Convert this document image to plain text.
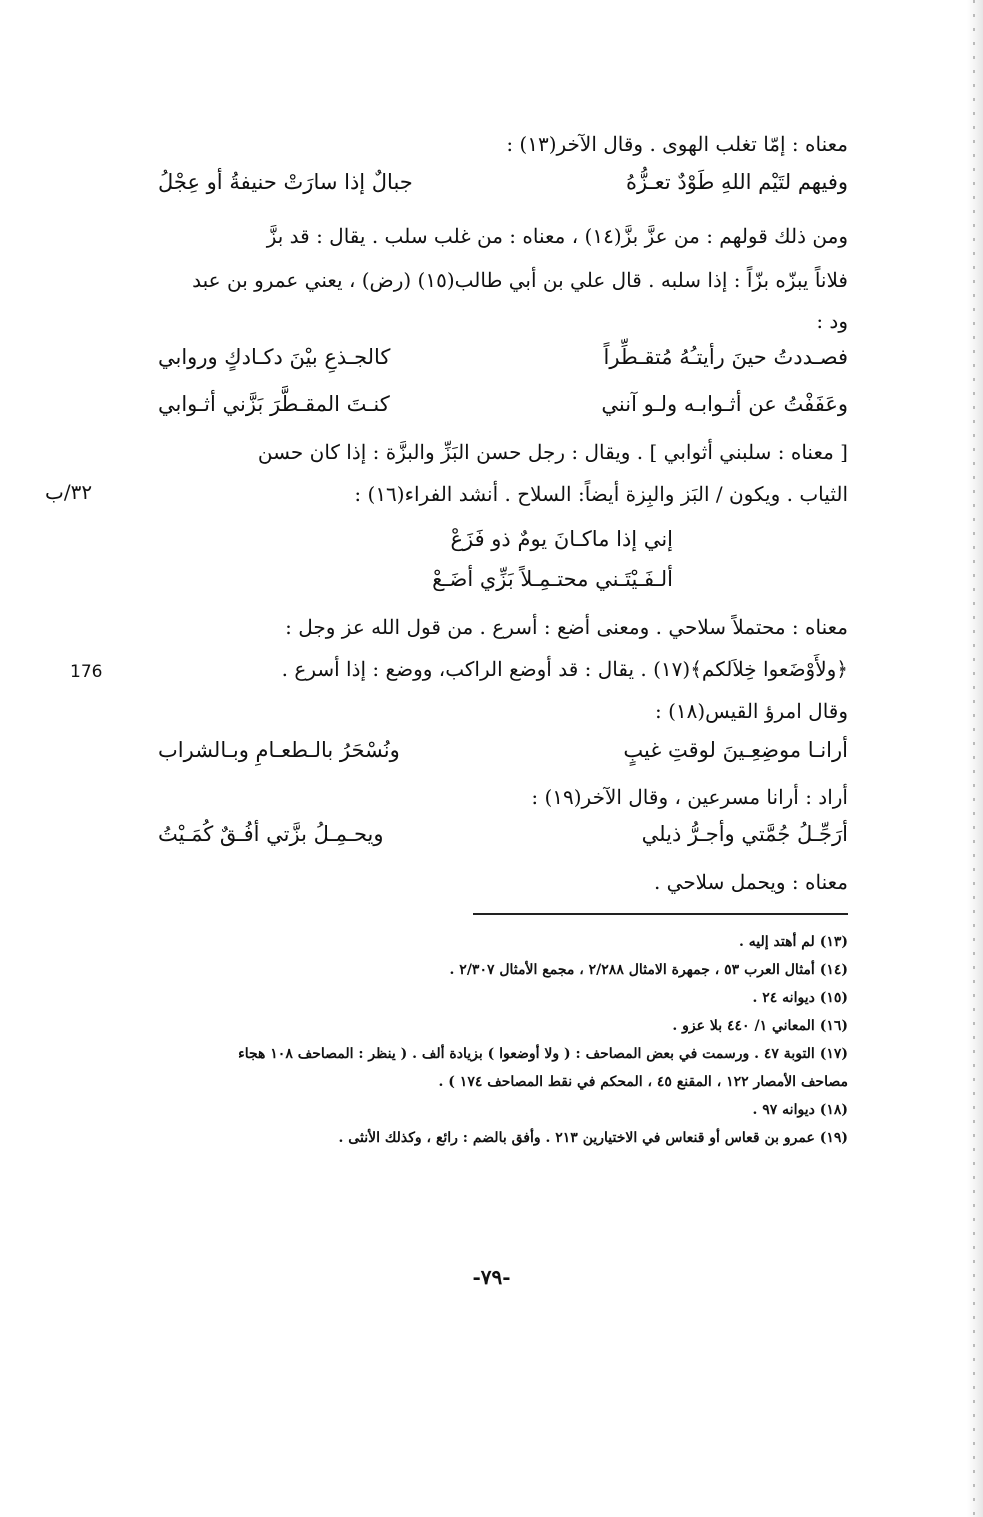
معناه : إمّا تغلب الهوى . وقال الآخر(١٣) :
وفيهم لتَيْم اللهِ طَوْدٌ تعـزُّهُ
جبالٌ إذا سارَتْ حنيفةُ أو عِجْلُ
ومن ذلك قولهم : من عزَّ بزَّ(١٤) ، معناه : من غلب سلب . يقال : قد بزَّ
فلاناً يبزّه بزّاً : إذا سلبه . قال علي بن أبي طالب(١٥) (رض) ، يعني عمرو بن عبد
ود :
فصـددتُ حينَ رأيتـُهُ مُتقـطِّراً
كالجـذعِ بيْنَ دكـادكٍ وروابي
وعَفَفْتُ عن أثـوابـه ولـو آنني
كنـتَ المقـطَّرَ بَزَّني أثـوابي
[ معناه : سلبني أثوابي ] . ويقال : رجل حسن البَزِّ والبزَّة : إذا كان حسن
الثياب . ويكون / البَز والبِزة أيضاً: السلاح . أنشد الفراء(١٦) :
٣٢/ب
إني إذا ماكـانَ يومٌ ذو فَزَعْ
ألـفَـيْتَـني محتـمِـلاً بَزِّي أضَـعْ
معناه : محتملاً سلاحي . ومعنى أضع : أسرع . من قول الله عز وجل :
﴿ولأَوْضَعوا خِلاَلكم﴾(١٧) . يقال : قد أوضع الراكب، ووضع : إذا أسرع .
176
وقال امرؤ القيس(١٨) :
أرانـا موضِعِـينَ لوقتِ غيبٍ
ونُسْحَرُ بالـطعـامِ وبـالشراب
أراد : أرانا مسرعين ، وقال الآخر(١٩) :
أرَجِّـلُ جُمَّتي وأجـرُّ ذيلي
ويحـمِـلُ بزَّتي أفُـقٌ كُمَـيْتُ
معناه : ويحمل سلاحي .
(١٣) لم أهتد إليه .
(١٤) أمثال العرب ٥٣ ، جمهرة الامثال ٢/٢٨٨ ، مجمع الأمثال ٢/٣٠٧ .
(١٥) ديوانه ٢٤ .
(١٦) المعاني ١/ ٤٤٠ بلا عزو .
(١٧) التوبة ٤٧ . ورسمت في بعض المصاحف : ( ولا أوضعوا ) بزيادة ألف . ( ينظر : المصاحف ١٠٨ هجاء
مصاحف الأمصار ١٢٢ ، المقنع ٤٥ ، المحكم في نقط المصاحف ١٧٤ ) .
(١٨) ديوانه ٩٧ .
(١٩) عمرو بن قعاس أو قنعاس في الاختيارين ٢١٣ . وأفق بالضم : رائع ، وكذلك الأنثى .
-٧٩-
